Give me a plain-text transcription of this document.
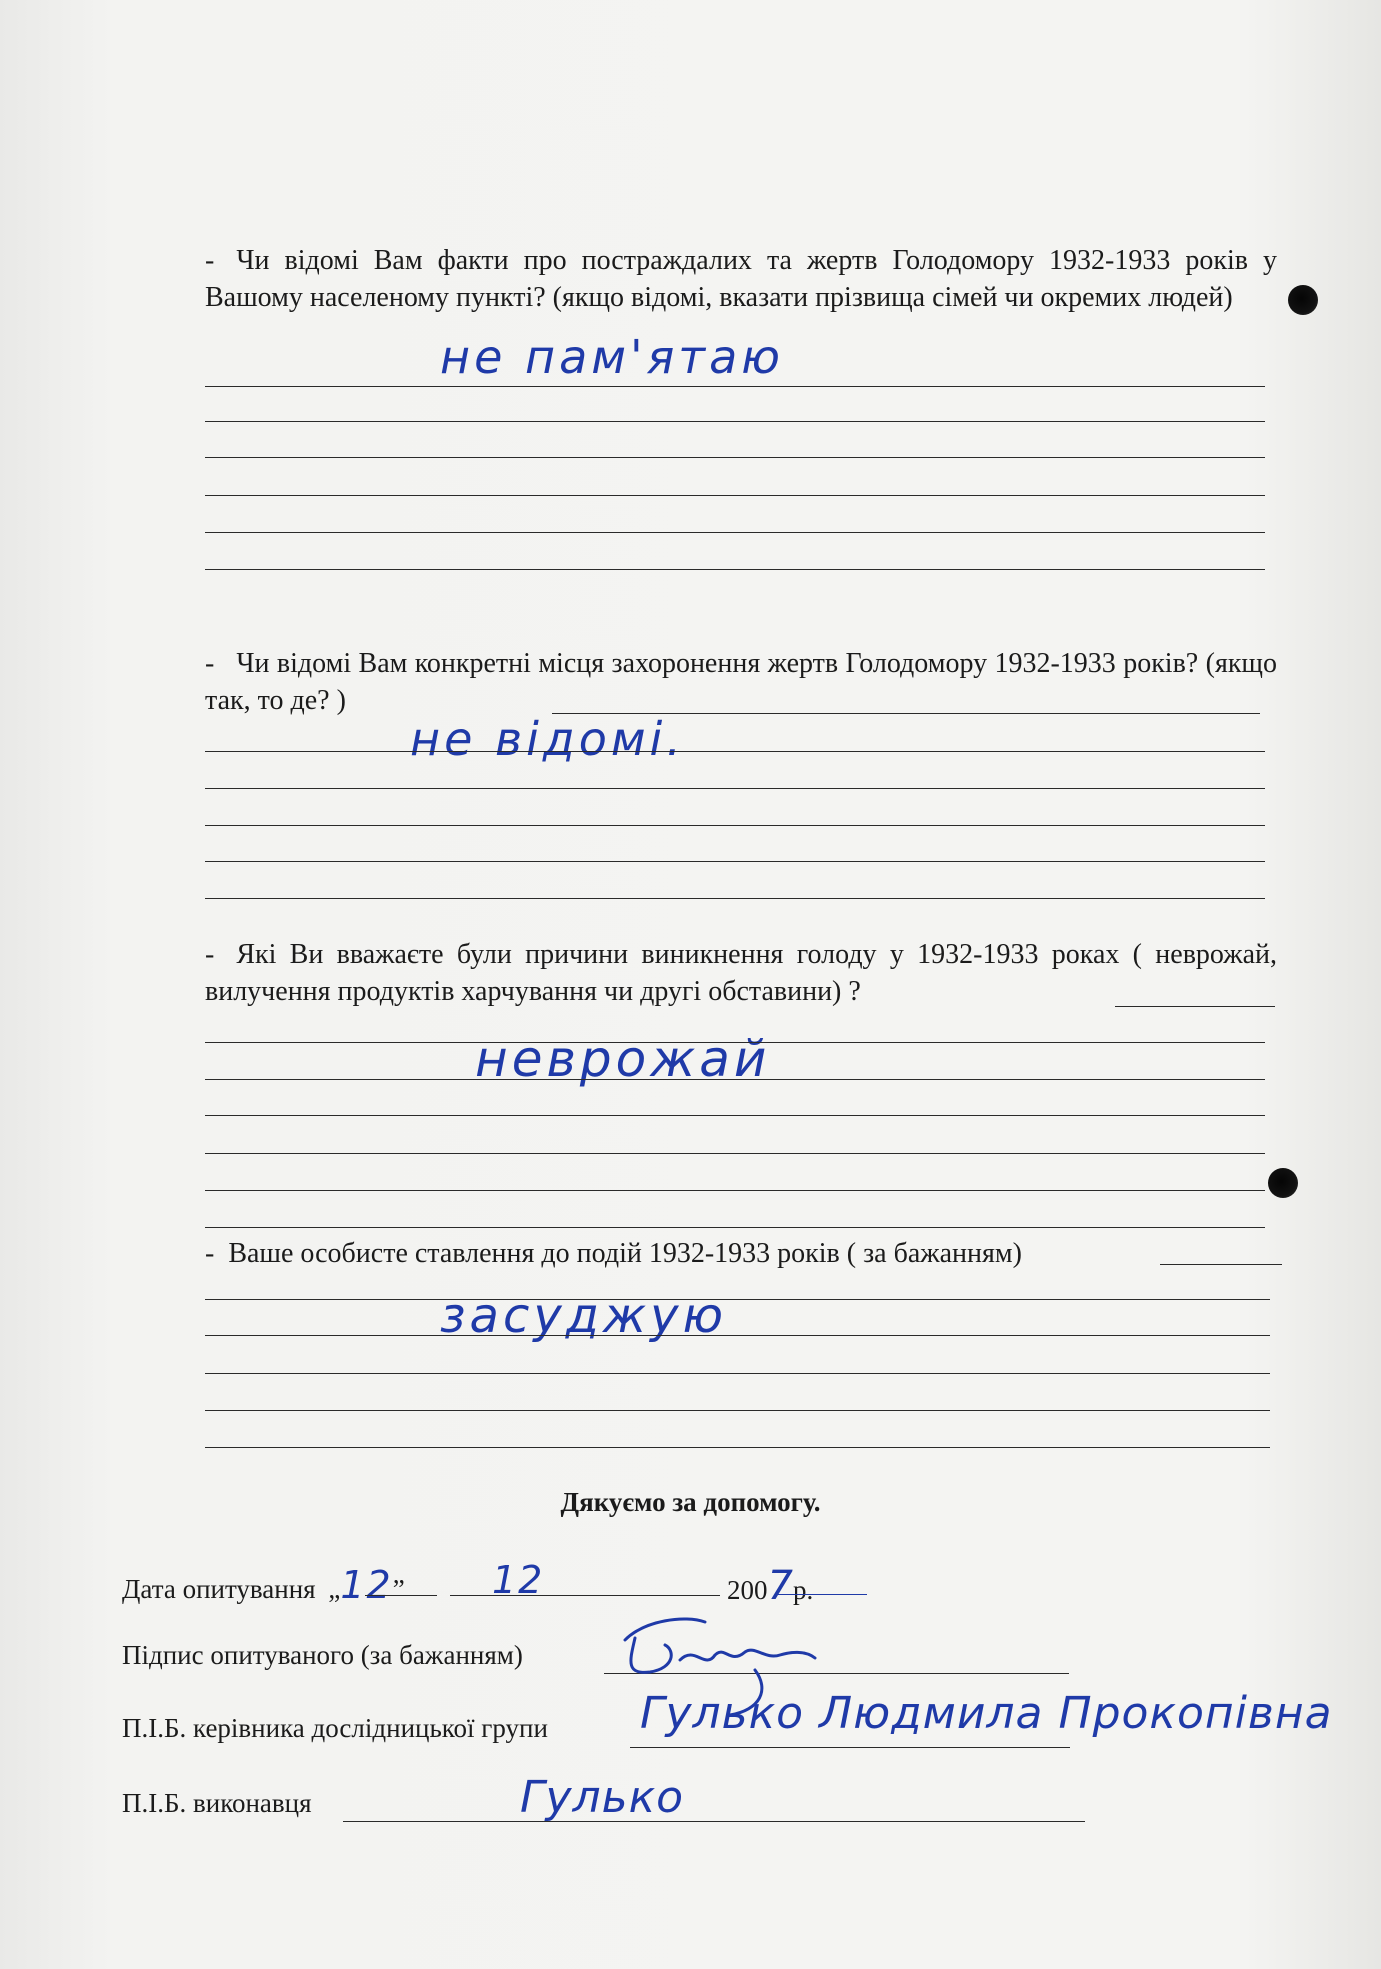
- Чи відомі Вам факти про постраждалих та жертв Голодомору 1932-1933 років у Вашому населеному пункті? (якщо відомі, вказати прізвища сімей чи окремих людей)
не пам'ятаю
- Чи відомі Вам конкретні місця захоронення жертв Голодомору 1932-1933 років? (якщо так, то де? )
не відомі.
- Які Ви вважаєте були причини виникнення голоду у 1932-1933 роках ( неврожай, вилучення продуктів харчування чи другі обставини) ?
неврожай
- Ваше особисте ставлення до подій 1932-1933 років ( за бажанням)
засуджую
Дякуємо за допомогу.
Дата опитування „12” 12	2007р.
Підпис опитуваного (за бажанням)
П.І.Б. керівника дослідницької групи Гулько Людмила Прокопівна
П.І.Б. виконавця	Гулько
